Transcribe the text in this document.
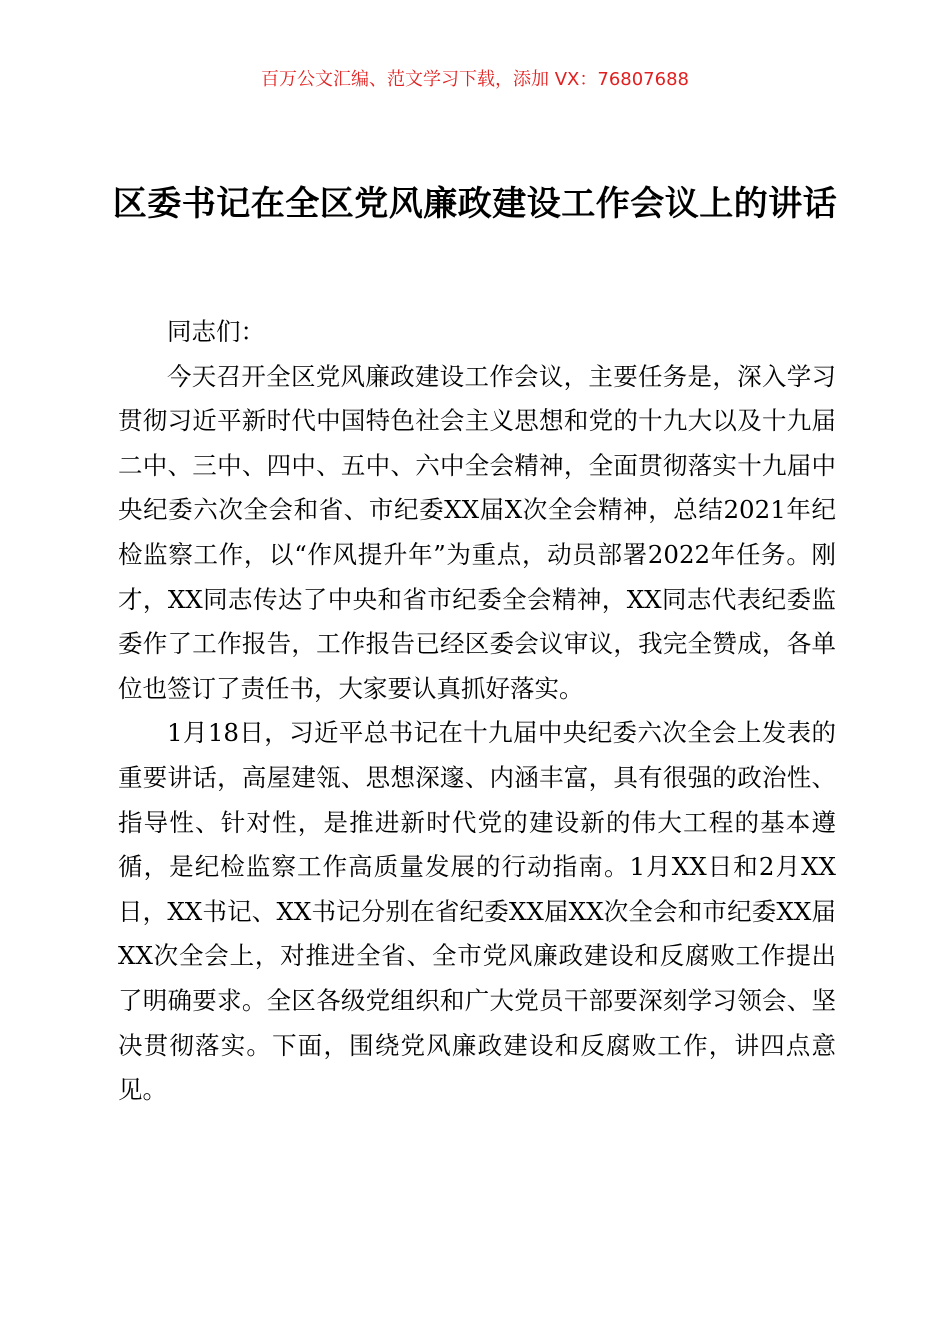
百万公文汇编、范文学习下载，添加 VX：76807688
区委书记在全区党风廉政建设工作会议上的讲话

同志们：

今天召开全区党风廉政建设工作会议，主要任务是，深入学习贯彻习近平新时代中国特色社会主义思想和党的十九大以及十九届二中、三中、四中、五中、六中全会精神，全面贯彻落实十九届中央纪委六次全会和省、市纪委XX届X次全会精神，总结2021年纪检监察工作，以“作风提升年”为重点，动员部署2022年任务。刚才，XX同志传达了中央和省市纪委全会精神，XX同志代表纪委监委作了工作报告，工作报告已经区委会议审议，我完全赞成，各单位也签订了责任书，大家要认真抓好落实。

1月18日，习近平总书记在十九届中央纪委六次全会上发表的重要讲话，高屋建瓴、思想深邃、内涵丰富，具有很强的政治性、指导性、针对性，是推进新时代党的建设新的伟大工程的基本遵循，是纪检监察工作高质量发展的行动指南。1月XX日和2月XX日，XX书记、XX书记分别在省纪委XX届XX次全会和市纪委XX届XX次全会上，对推进全省、全市党风廉政建设和反腐败工作提出了明确要求。全区各级党组织和广大党员干部要深刻学习领会、坚决贯彻落实。下面，围绕党风廉政建设和反腐败工作，讲四点意见。
